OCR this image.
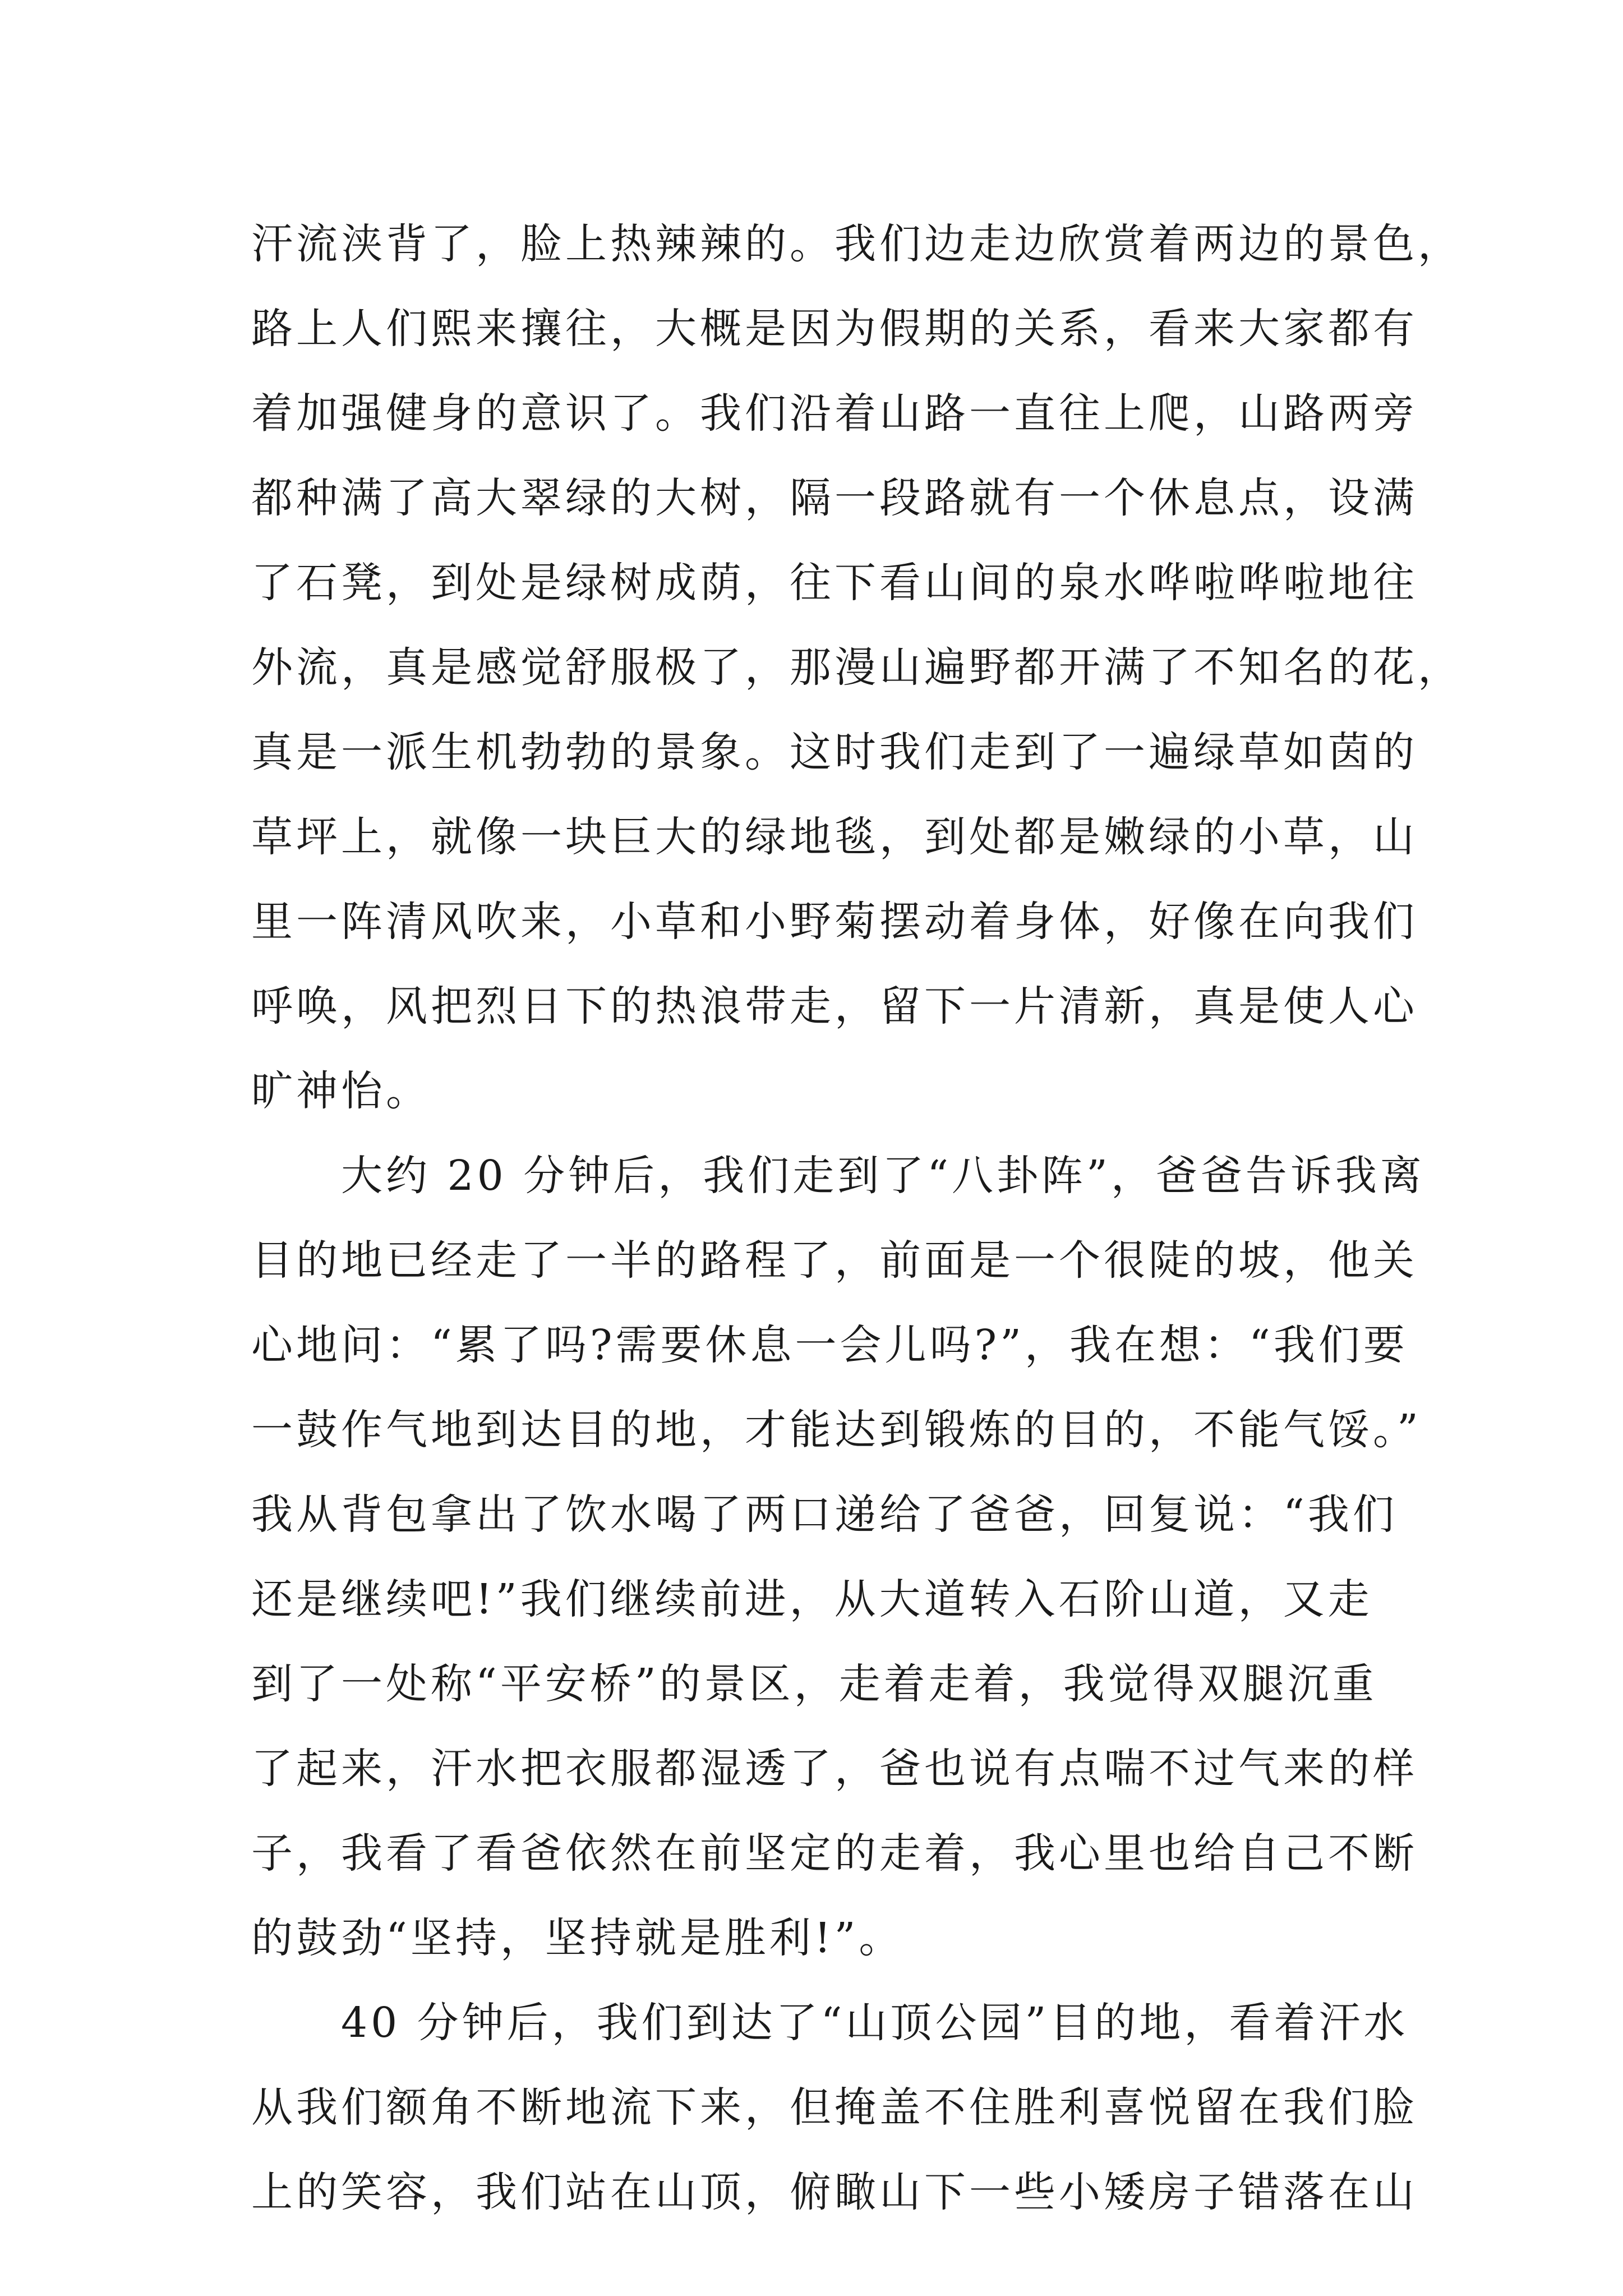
汗流浃背了，脸上热辣辣的。我们边走边欣赏着两边的景色，
路上人们熙来攘往，大概是因为假期的关系，看来大家都有
着加强健身的意识了。我们沿着山路一直往上爬，山路两旁
都种满了高大翠绿的大树，隔一段路就有一个休息点，设满
了石凳，到处是绿树成荫，往下看山间的泉水哗啦哗啦地往
外流，真是感觉舒服极了，那漫山遍野都开满了不知名的花，
真是一派生机勃勃的景象。这时我们走到了一遍绿草如茵的
草坪上，就像一块巨大的绿地毯，到处都是嫩绿的小草，山
里一阵清风吹来，小草和小野菊摆动着身体，好像在向我们
呼唤，风把烈日下的热浪带走，留下一片清新，真是使人心
旷神怡。
大约 20 分钟后，我们走到了“八卦阵”，爸爸告诉我离
目的地已经走了一半的路程了，前面是一个很陡的坡，他关
心地问：“累了吗?需要休息一会儿吗?”，我在想：“我们要
一鼓作气地到达目的地，才能达到锻炼的目的，不能气馁。”
我从背包拿出了饮水喝了两口递给了爸爸，回复说：“我们
还是继续吧!”我们继续前进，从大道转入石阶山道，又走
到了一处称“平安桥”的景区，走着走着，我觉得双腿沉重
了起来，汗水把衣服都湿透了，爸也说有点喘不过气来的样
子，我看了看爸依然在前坚定的走着，我心里也给自己不断
的鼓劲“坚持，坚持就是胜利!”。
40 分钟后，我们到达了“山顶公园”目的地，看着汗水
从我们额角不断地流下来，但掩盖不住胜利喜悦留在我们脸
上的笑容，我们站在山顶，俯瞰山下一些小矮房子错落在山
